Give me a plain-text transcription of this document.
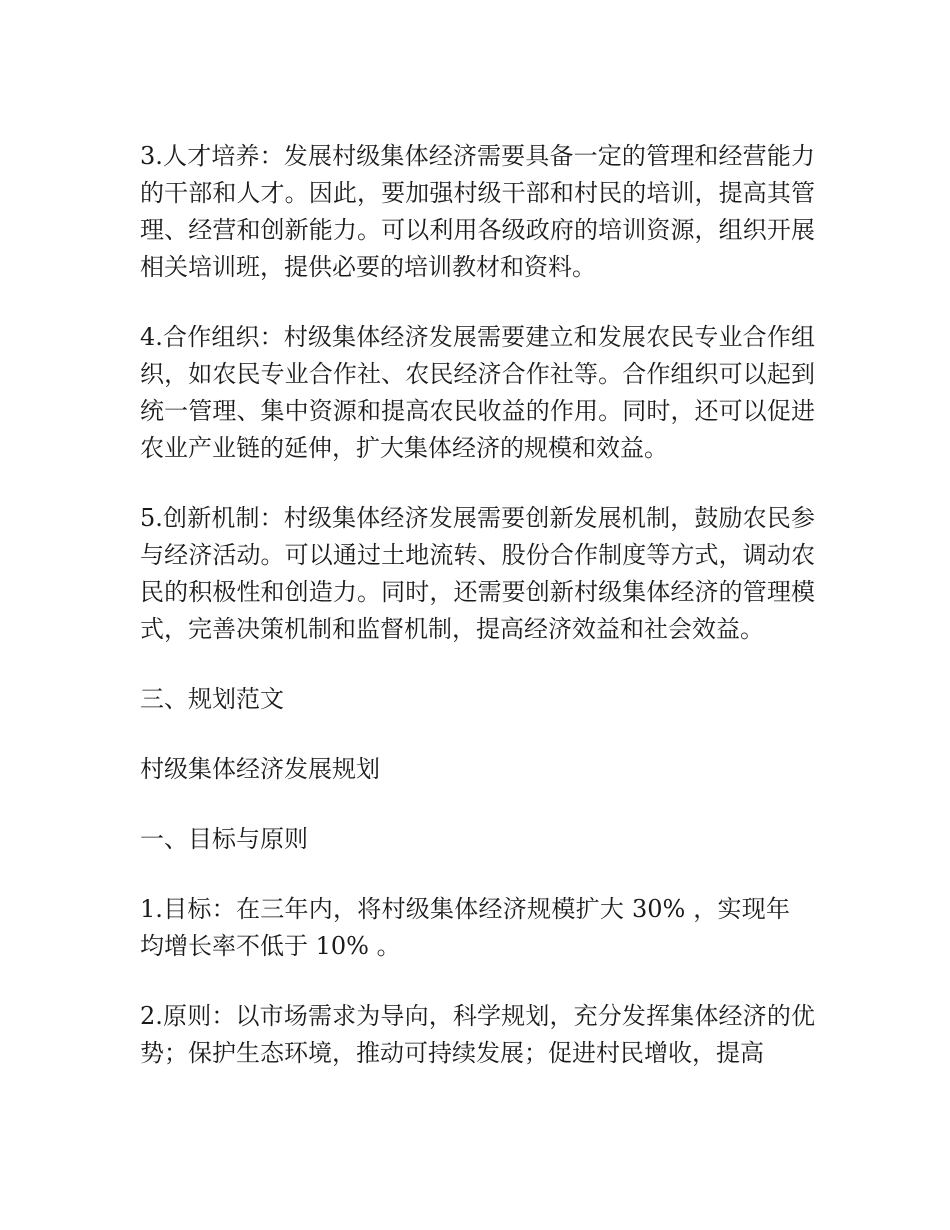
3.人才培养：发展村级集体经济需要具备一定的管理和经营能力的干部和人才。因此，要加强村级干部和村民的培训，提高其管理、经营和创新能力。可以利用各级政府的培训资源，组织开展相关培训班，提供必要的培训教材和资料。

4.合作组织：村级集体经济发展需要建立和发展农民专业合作组织，如农民专业合作社、农民经济合作社等。合作组织可以起到统一管理、集中资源和提高农民收益的作用。同时，还可以促进农业产业链的延伸，扩大集体经济的规模和效益。

5.创新机制：村级集体经济发展需要创新发展机制，鼓励农民参与经济活动。可以通过土地流转、股份合作制度等方式，调动农民的积极性和创造力。同时，还需要创新村级集体经济的管理模式，完善决策机制和监督机制，提高经济效益和社会效益。

三、规划范文

村级集体经济发展规划

一、目标与原则

1.目标：在三年内，将村级集体经济规模扩大 30% ，实现年均增长率不低于 10% 。

2.原则：以市场需求为导向，科学规划，充分发挥集体经济的优势；保护生态环境，推动可持续发展；促进村民增收，提高
